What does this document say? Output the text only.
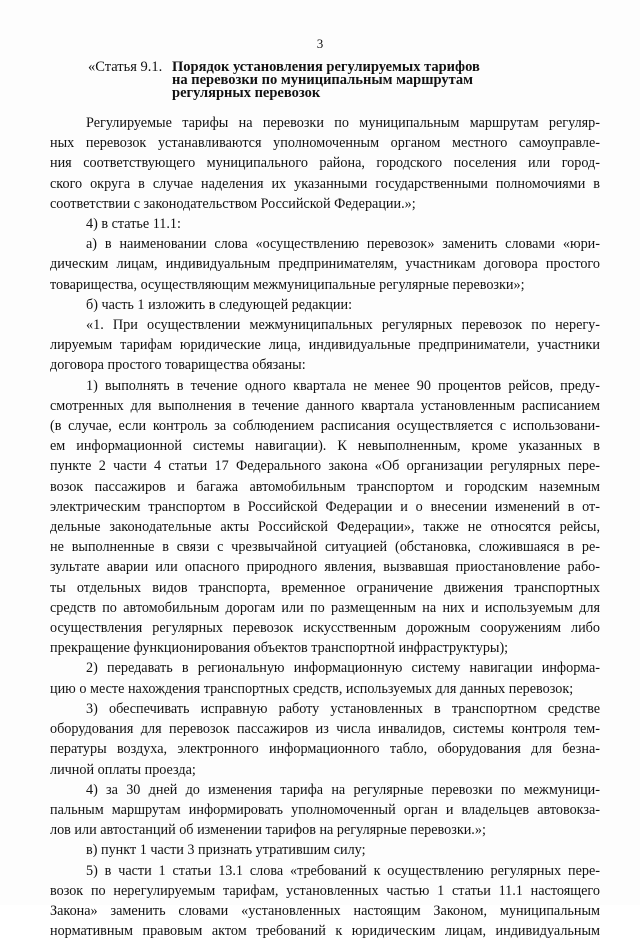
3
«Статья 9.1. Порядок установления регулируемых тарифов
на перевозки по муниципальным маршрутам
регулярных перевозок
Регулируемые тарифы на перевозки по муниципальным маршрутам регуляр-
ных перевозок устанавливаются уполномоченным органом местного самоуправле-
ния соответствующего муниципального района, городского поселения или город-
ского округа в случае наделения их указанными государственными полномочиями в
соответствии с законодательством Российской Федерации.»;
4) в статье 11.1:
а) в наименовании слова «осуществлению перевозок» заменить словами «юри-
дическим лицам, индивидуальным предпринимателям, участникам договора простого
товарищества, осуществляющим межмуниципальные регулярные перевозки»;
б) часть 1 изложить в следующей редакции:
«1. При осуществлении межмуниципальных регулярных перевозок по нерегу-
лируемым тарифам юридические лица, индивидуальные предприниматели, участники
договора простого товарищества обязаны:
1) выполнять в течение одного квартала не менее 90 процентов рейсов, преду-
смотренных для выполнения в течение данного квартала установленным расписанием
(в случае, если контроль за соблюдением расписания осуществляется с использовани-
ем информационной системы навигации). К невыполненным, кроме указанных в
пункте 2 части 4 статьи 17 Федерального закона «Об организации регулярных пере-
возок пассажиров и багажа автомобильным транспортом и городским наземным
электрическим транспортом в Российской Федерации и о внесении изменений в от-
дельные законодательные акты Российской Федерации», также не относятся рейсы,
не выполненные в связи с чрезвычайной ситуацией (обстановка, сложившаяся в ре-
зультате аварии или опасного природного явления, вызвавшая приостановление рабо-
ты отдельных видов транспорта, временное ограничение движения транспортных
средств по автомобильным дорогам или по размещенным на них и используемым для
осуществления регулярных перевозок искусственным дорожным сооружениям либо
прекращение функционирования объектов транспортной инфраструктуры);
2) передавать в региональную информационную систему навигации информа-
цию о месте нахождения транспортных средств, используемых для данных перевозок;
3) обеспечивать исправную работу установленных в транспортном средстве
оборудования для перевозок пассажиров из числа инвалидов, системы контроля тем-
пературы воздуха, электронного информационного табло, оборудования для безна-
личной оплаты проезда;
4) за 30 дней до изменения тарифа на регулярные перевозки по межмуници-
пальным маршрутам информировать уполномоченный орган и владельцев автовокза-
лов или автостанций об изменении тарифов на регулярные перевозки.»;
в) пункт 1 части 3 признать утратившим силу;
5) в части 1 статьи 13.1 слова «требований к осуществлению регулярных пере-
возок по нерегулируемым тарифам, установленных частью 1 статьи 11.1 настоящего
Закона» заменить словами «установленных настоящим Законом, муниципальным
нормативным правовым актом требований к юридическим лицам, индивидуальным
